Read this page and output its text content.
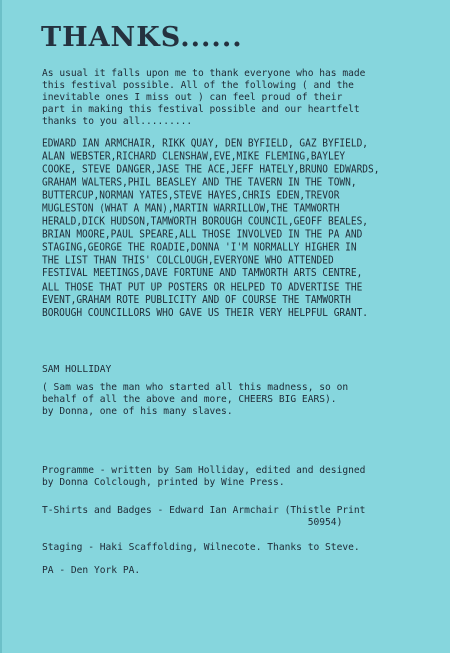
THANKS......

As usual it falls upon me to thank everyone who has made
this festival possible. All of the following ( and the
inevitable ones I miss out ) can feel proud of their
part in making this festival possible and our heartfelt
thanks to you all.........

EDWARD IAN ARMCHAIR, RIKK QUAY, DEN BYFIELD, GAZ BYFIELD,
ALAN WEBSTER,RICHARD CLENSHAW,EVE,MIKE FLEMING,BAYLEY
COOKE, STEVE DANGER,JASE THE ACE,JEFF HATELY,BRUNO EDWARDS,
GRAHAM WALTERS,PHIL BEASLEY AND THE TAVERN IN THE TOWN,
BUTTERCUP,NORMAN YATES,STEVE HAYES,CHRIS EDEN,TREVOR
MUGLESTON (WHAT A MAN),MARTIN WARRILLOW,THE TAMWORTH
HERALD,DICK HUDSON,TAMWORTH BOROUGH COUNCIL,GEOFF BEALES,
BRIAN MOORE,PAUL SPEARE,ALL THOSE INVOLVED IN THE PA AND
STAGING,GEORGE THE ROADIE,DONNA 'I'M NORMALLY HIGHER IN
THE LIST THAN THIS' COLCLOUGH,EVERYONE WHO ATTENDED
FESTIVAL MEETINGS,DAVE FORTUNE AND TAMWORTH ARTS CENTRE,
ALL THOSE THAT PUT UP POSTERS OR HELPED TO ADVERTISE THE
EVENT,GRAHAM ROTE PUBLICITY AND OF COURSE THE TAMWORTH
BOROUGH COUNCILLORS WHO GAVE US THEIR VERY HELPFUL GRANT.

SAM HOLLIDAY

( Sam was the man who started all this madness, so on
behalf of all the above and more, CHEERS BIG EARS).
by Donna, one of his many slaves.

Programme - written by Sam Holliday, edited and designed
by Donna Colclough, printed by Wine Press.

T-Shirts and Badges - Edward Ian Armchair (Thistle Print
50954)

Staging - Haki Scaffolding, Wilnecote. Thanks to Steve.

PA - Den York PA.
